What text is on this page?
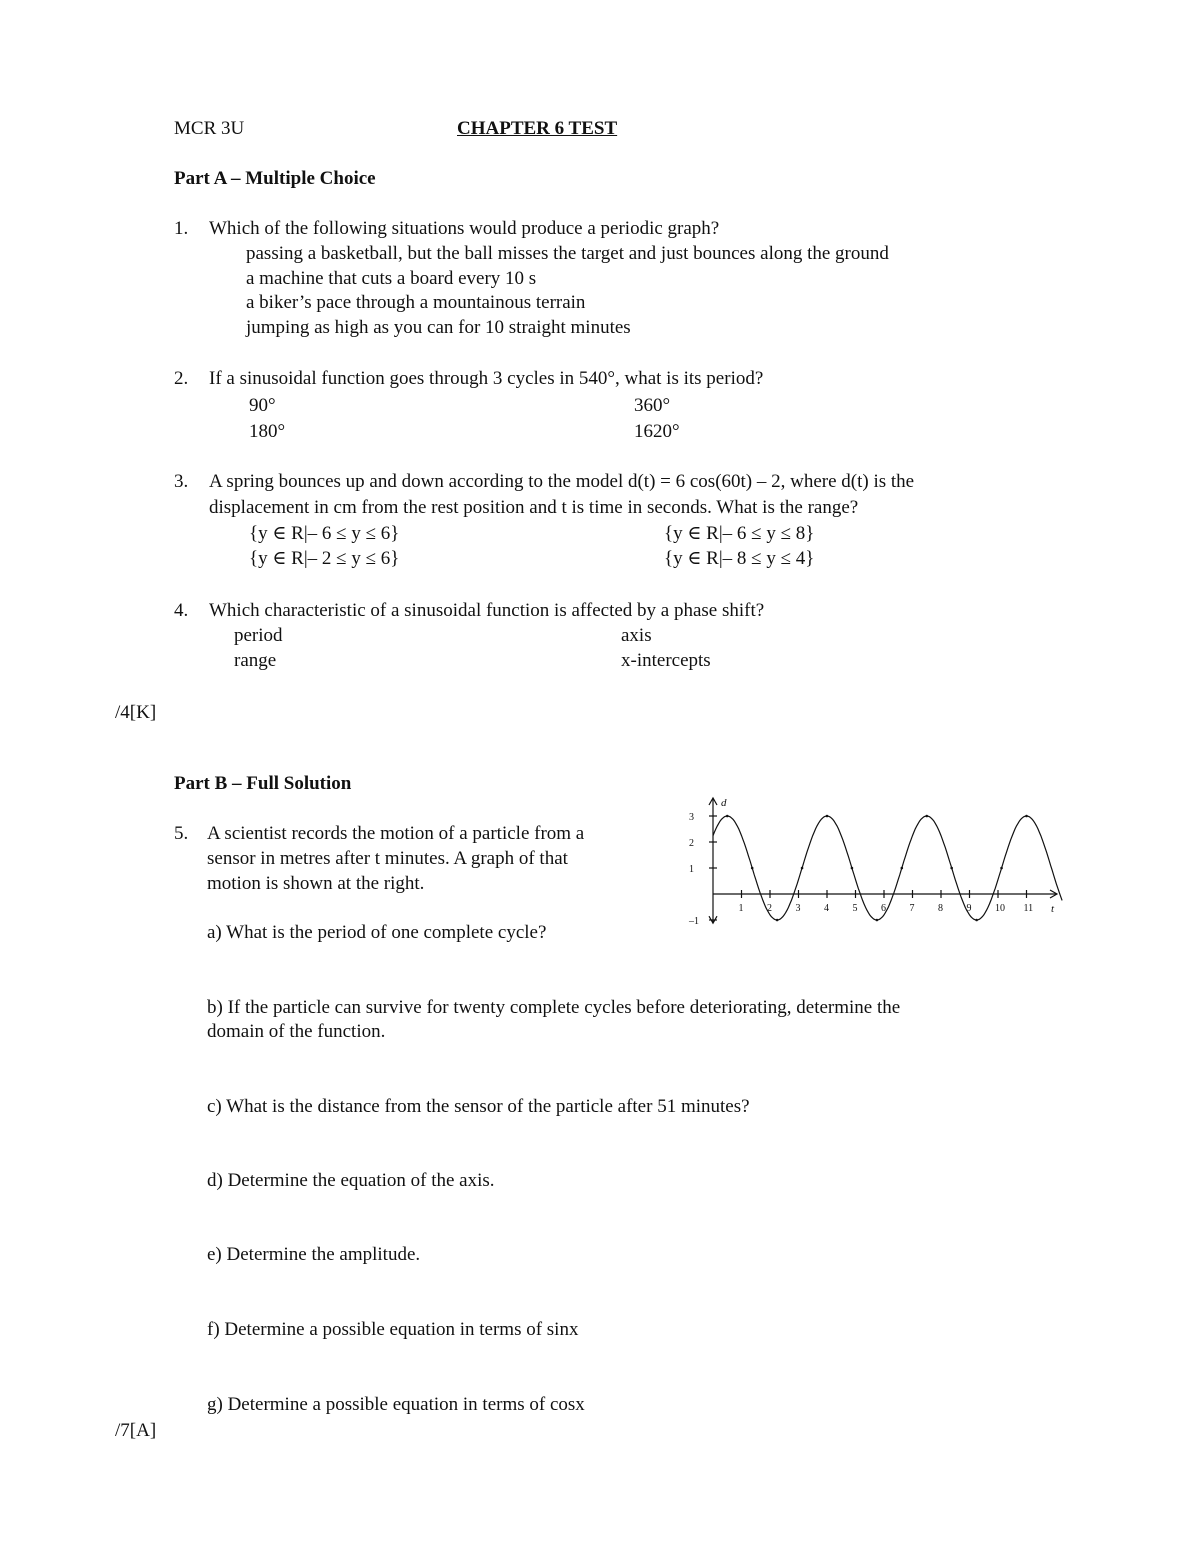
MCR 3U	CHAPTER 6 TEST
Part A – Multiple Choice
1. Which of the following situations would produce a periodic graph?
passing a basketball, but the ball misses the target and just bounces along the ground
a machine that cuts a board every 10 s
a biker’s pace through a mountainous terrain
jumping as high as you can for 10 straight minutes
2. If a sinusoidal function goes through 3 cycles in 540°, what is its period?
90°	360°
180°	1620°
3. A spring bounces up and down according to the model d(t) = 6 cos(60t) – 2, where d(t) is the
displacement in cm from the rest position and t is time in seconds. What is the range?
{y ∈ R|– 6 ≤ y ≤ 6}	{y ∈ R|– 6 ≤ y ≤ 8}
{y ∈ R|– 2 ≤ y ≤ 6}	{y ∈ R|– 8 ≤ y ≤ 4}
4. Which characteristic of a sinusoidal function is affected by a phase shift?
period	axis
range	x-intercepts
/4[K]
Part B – Full Solution
5. A scientist records the motion of a particle from a
sensor in metres after t minutes. A graph of that
motion is shown at the right.
a) What is the period of one complete cycle?
b) If the particle can survive for twenty complete cycles before deteriorating, determine the
domain of the function.
c) What is the distance from the sensor of the particle after 51 minutes?
d) Determine the equation of the axis.
e) Determine the amplitude.
f) Determine a possible equation in terms of sinx
g) Determine a possible equation in terms of cosx
/7[A]
d
t
1 2 3 4 5 6 7 8 9 10 11
3
2
1
–1
